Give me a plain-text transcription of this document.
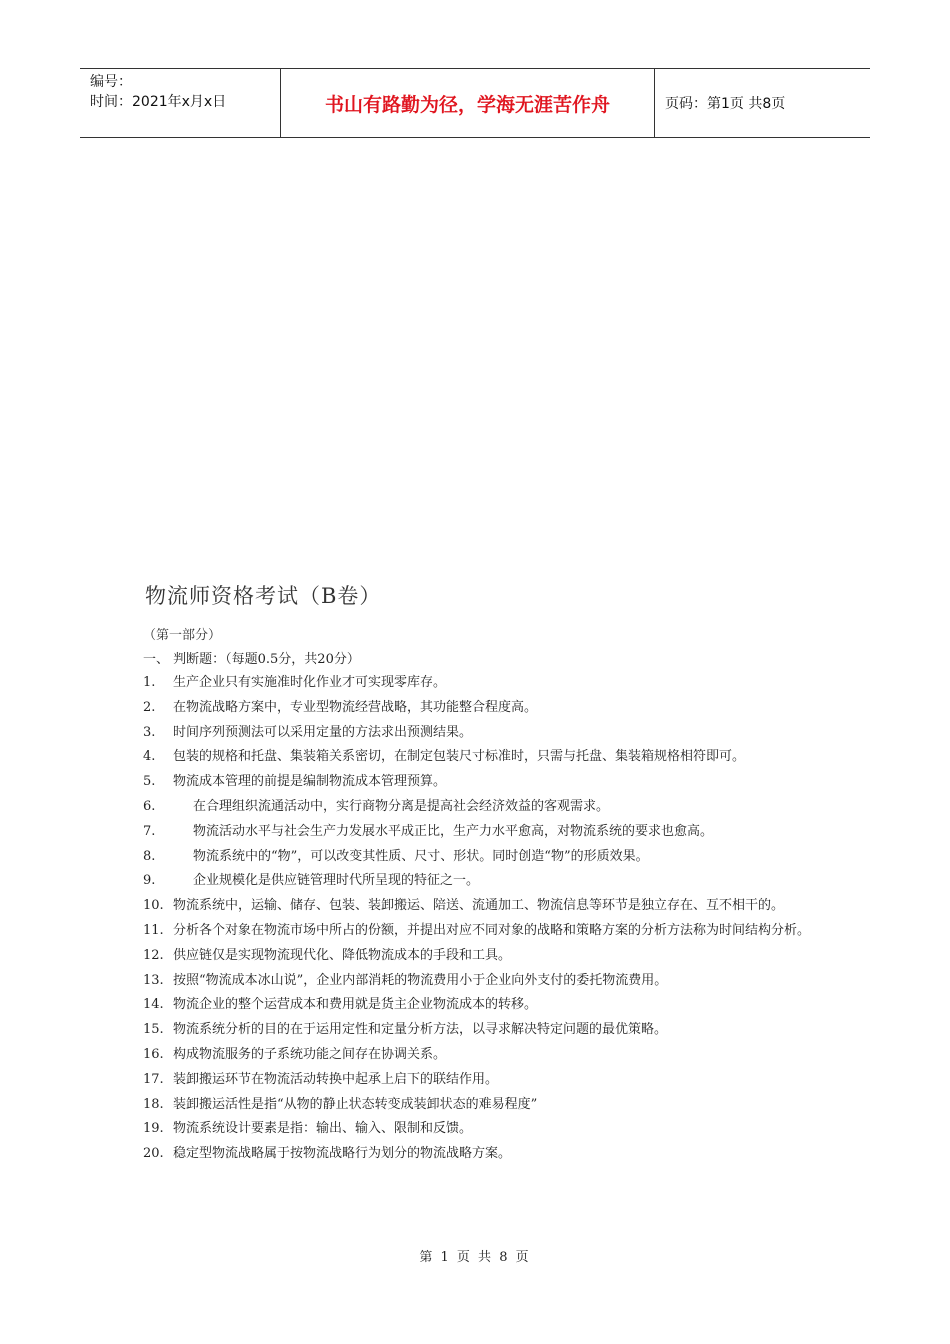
编号：
时间：2021年x月x日	书山有路勤为径，学海无涯苦作舟	页码：第1页 共8页
物流师资格考试（B卷）
（第一部分）
一、 判断题：（每题0.5分，共20分）
1. 生产企业只有实施准时化作业才可实现零库存。
2. 在物流战略方案中，专业型物流经营战略，其功能整合程度高。
3. 时间序列预测法可以采用定量的方法求出预测结果。
4. 包装的规格和托盘、集装箱关系密切，在制定包装尺寸标准时，只需与托盘、集装箱规格相符即可。
5. 物流成本管理的前提是编制物流成本管理预算。
6.	在合理组织流通活动中，实行商物分离是提高社会经济效益的客观需求。
7.	物流活动水平与社会生产力发展水平成正比，生产力水平愈高，对物流系统的要求也愈高。
8.	物流系统中的“物”，可以改变其性质、尺寸、形状。同时创造“物”的形质效果。
9.	企业规模化是供应链管理时代所呈现的特征之一。
10. 物流系统中，运输、储存、包装、装卸搬运、陪送、流通加工、物流信息等环节是独立存在、互不相干的。
11. 分析各个对象在物流市场中所占的份额，并提出对应不同对象的战略和策略方案的分析方法称为时间结构分析。
12. 供应链仅是实现物流现代化、降低物流成本的手段和工具。
13. 按照“物流成本冰山说”，企业内部消耗的物流费用小于企业向外支付的委托物流费用。
14. 物流企业的整个运营成本和费用就是货主企业物流成本的转移。
15. 物流系统分析的目的在于运用定性和定量分析方法，以寻求解决特定问题的最优策略。
16. 构成物流服务的子系统功能之间存在协调关系。
17. 装卸搬运环节在物流活动转换中起承上启下的联结作用。
18. 装卸搬运活性是指“从物的静止状态转变成装卸状态的难易程度”
19. 物流系统设计要素是指：输出、输入、限制和反馈。
20. 稳定型物流战略属于按物流战略行为划分的物流战略方案。
第 1 页 共 8 页
